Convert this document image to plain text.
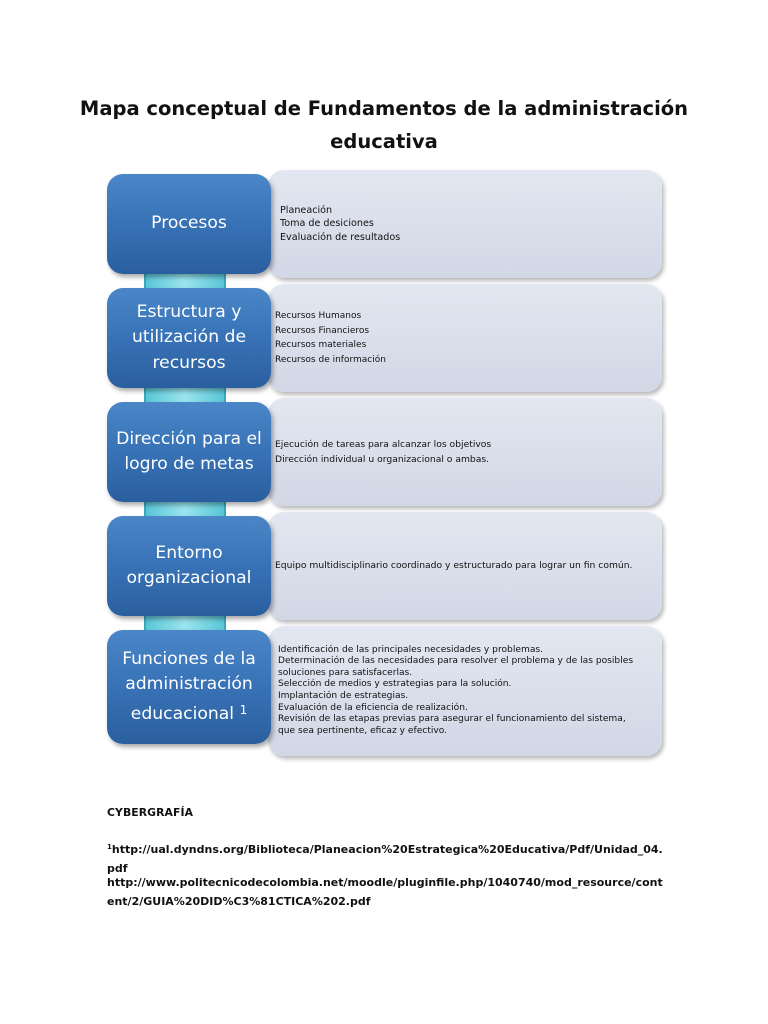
Mapa conceptual de Fundamentos de la administración educativa

Planeación

Toma de desiciones

Evaluación de resultados

Procesos

Recursos Humanos

Recursos Financieros

Recursos materiales

Recursos de información

Estructura y utilización de recursos

Ejecución de tareas para alcanzar los objetivos

Dirección individual u organizacional o ambas.

Dirección para el logro de metas

Equipo multidisciplinario coordinado y estructurado para lograr un fin común.

Entorno organizacional

Identificación de las principales necesidades y problemas.

Determinación de las necesidades para resolver el problema y de las posibles soluciones para satisfacerlas.

Selección de medios y estrategias para la solución.

Implantación de estrategias.

Evaluación de la eficiencia de realización.

Revisión de las etapas previas para asegurar el funcionamiento del sistema, que sea pertinente, eficaz y efectivo.

Funciones de la administración educacional $^1$
CYBERGRAFÍA
$^1$http://ual.dyndns.org/Biblioteca/Planeacion%20Estrategica%20Educativa/Pdf/Unidad_04.pdf
http://www.politecnicodecolombia.net/moodle/pluginfile.php/1040740/mod_resource/content/2/GUIA%20DID%C3%81CTICA%202.pdf
